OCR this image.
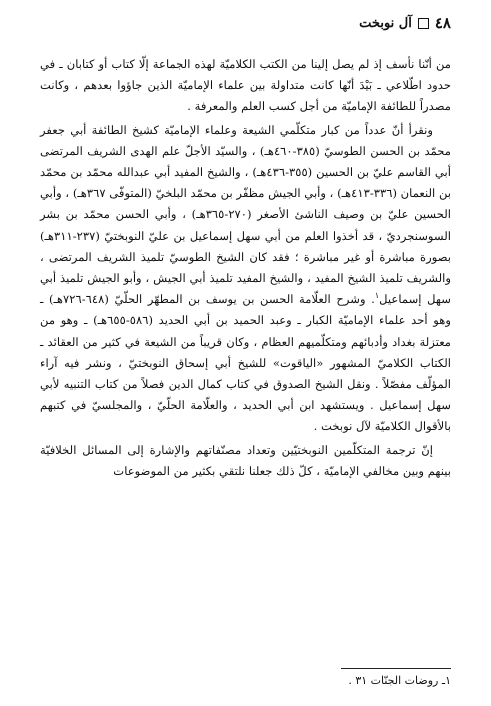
٤٨
آل نوبخت

من أنّنا نأسف إذ لم يصل إلينا من الكتب الكلاميّة لهذه الجماعة إلّا كتاب أو كتابان ـ في حدود اطّلاعي ـ بَيْدَ أنّها كانت متداولة بين علماء الإماميّة الذين جاؤوا بعدهم ، وكانت مصدراً للطائفة الإماميّة من أجل كسب العلم والمعرفة .

ونقرأ أنّ عدداً من كبار متكلّمي الشيعة وعلماء الإماميّة كشيخ الطائفة أبي جعفر محمّد بن الحسن الطوسيّ (٣٨٥-٤٦٠هـ) ، والسيّد الأجلّ علم الهدى الشريف المرتضى أبي القاسم عليّ بن الحسين (٣٥٥-٤٣٦هـ) ، والشيخ المفيد أبي عبدالله محمّد بن محمّد بن النعمان (٣٣٦-٤١٣هـ) ، وأبي الجيش مظفّر بن محمّد البلخيّ (المتوفّى ٣٦٧هـ) ، وأبي الحسين عليّ بن وصيف الناشئ الأصغر (٢٧٠-٣٦٥هـ) ، وأبي الحسن محمّد بن بشر السوسنجرديّ ، قد أخذوا العلم من أبي سهل إسماعيل بن عليّ النوبختيّ (٢٣٧-٣١١هـ) بصورة مباشرة أو غير مباشرة ؛ فقد كان الشيخ الطوسيّ تلميذ الشريف المرتضى ، والشريف تلميذ الشيخ المفيد ، والشيخ المفيد تلميذ أبي الجيش ، وأبو الجيش تلميذ أبي سهل إسماعيل$^١$. وشرح العلّامة الحسن بن يوسف بن المطهّر الحلّيّ (٦٤٨-٧٢٦هـ) ـ وهو أحد علماء الإماميّة الكبار ـ وعبد الحميد بن أبي الحديد (٥٨٦-٦٥٥هـ) ـ وهو من معتزلة بغداد وأدبائهم ومتكلّميهم العظام ، وكان قريباً من الشيعة في كثير من العقائد ـ الكتاب الكلاميّ المشهور «الياقوت» للشيخ أبي إسحاق النوبختيّ ، ونشر فيه آراء المؤلّف مفصّلاً . ونقل الشيخ الصدوق في كتاب كمال الدين فصلاً من كتاب التنبيه لأبي سهل إسماعيل . ويستشهد ابن أبي الحديد ، والعلّامة الحلّيّ ، والمجلسيّ في كتبهم بالأقوال الكلاميّة لآل نوبخت .

إنّ ترجمة المتكلّمين النوبختيّين وتعداد مصنّفاتهم والإشارة إلى المسائل الخلافيّة بينهم وبين مخالفي الإماميّة ، كلّ ذلك جعلنا نلتقي بكثير من الموضوعات

١ـ روضات الجنّات ٣١ .
